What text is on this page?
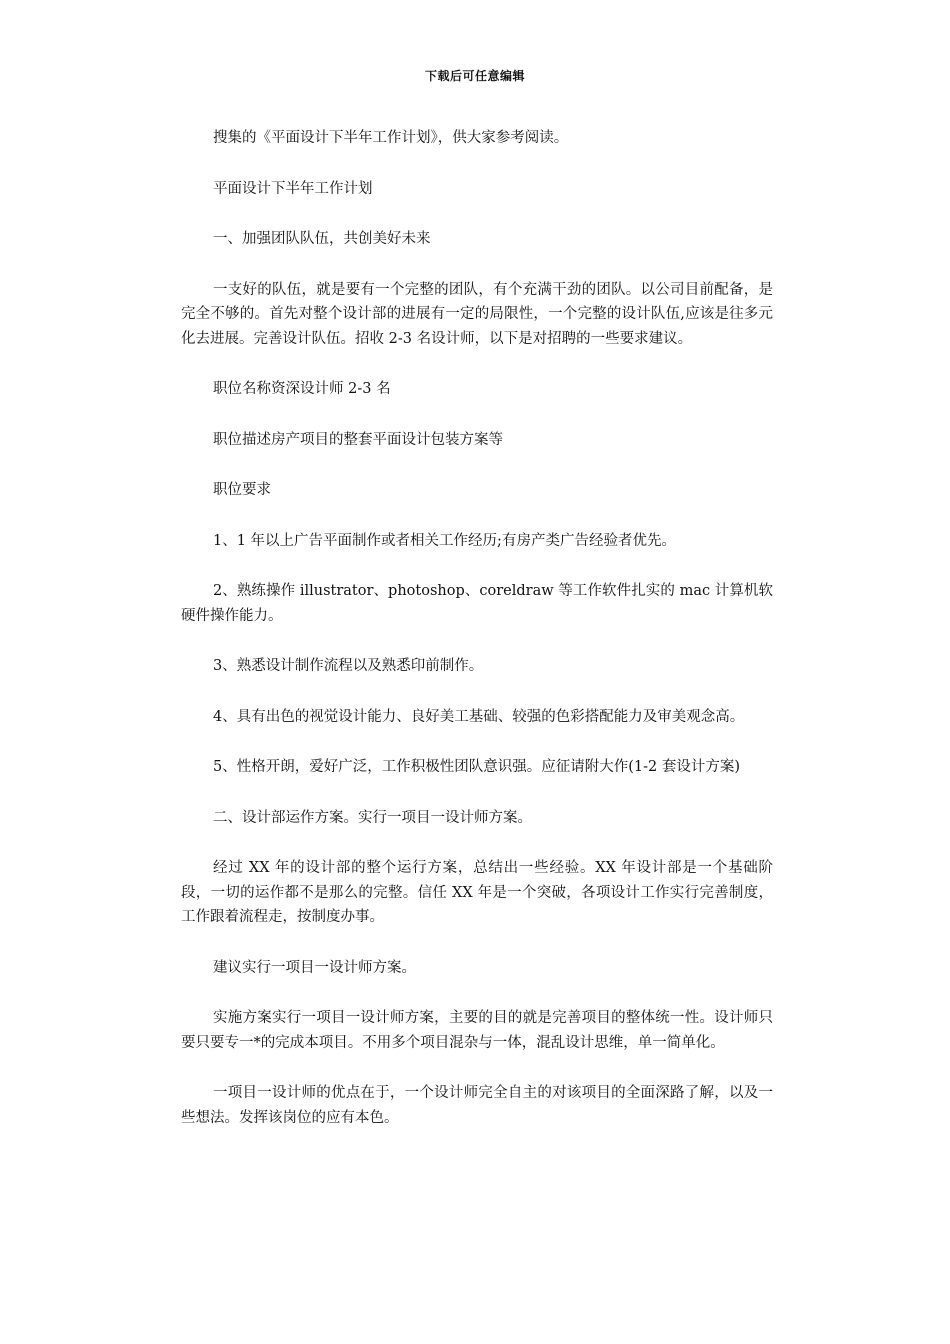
下载后可任意编辑

搜集的《平面设计下半年工作计划》，供大家参考阅读。

平面设计下半年工作计划

一、加强团队队伍，共创美好未来

一支好的队伍，就是要有一个完整的团队，有个充满干劲的团队。以公司目前配备，是完全不够的。首先对整个设计部的进展有一定的局限性，一个完整的设计队伍,应该是往多元化去进展。完善设计队伍。招收 2-3 名设计师，以下是对招聘的一些要求建议。

职位名称资深设计师 2-3 名

职位描述房产项目的整套平面设计包装方案等

职位要求

1、1 年以上广告平面制作或者相关工作经历;有房产类广告经验者优先。

2、熟练操作 illustrator、photoshop、coreldraw 等工作软件扎实的 mac 计算机软硬件操作能力。

3、熟悉设计制作流程以及熟悉印前制作。

4、具有出色的视觉设计能力、良好美工基础、较强的色彩搭配能力及审美观念高。

5、性格开朗，爱好广泛，工作积极性团队意识强。应征请附大作(1-2 套设计方案)

二、设计部运作方案。实行一项目一设计师方案。

经过 XX 年的设计部的整个运行方案，总结出一些经验。XX 年设计部是一个基础阶段，一切的运作都不是那么的完整。信任 XX 年是一个突破，各项设计工作实行完善制度，工作跟着流程走，按制度办事。

建议实行一项目一设计师方案。

实施方案实行一项目一设计师方案，主要的目的就是完善项目的整体统一性。设计师只要只要专一*的完成本项目。不用多个项目混杂与一体，混乱设计思维，单一简单化。

一项目一设计师的优点在于，一个设计师完全自主的对该项目的全面深路了解，以及一些想法。发挥该岗位的应有本色。
